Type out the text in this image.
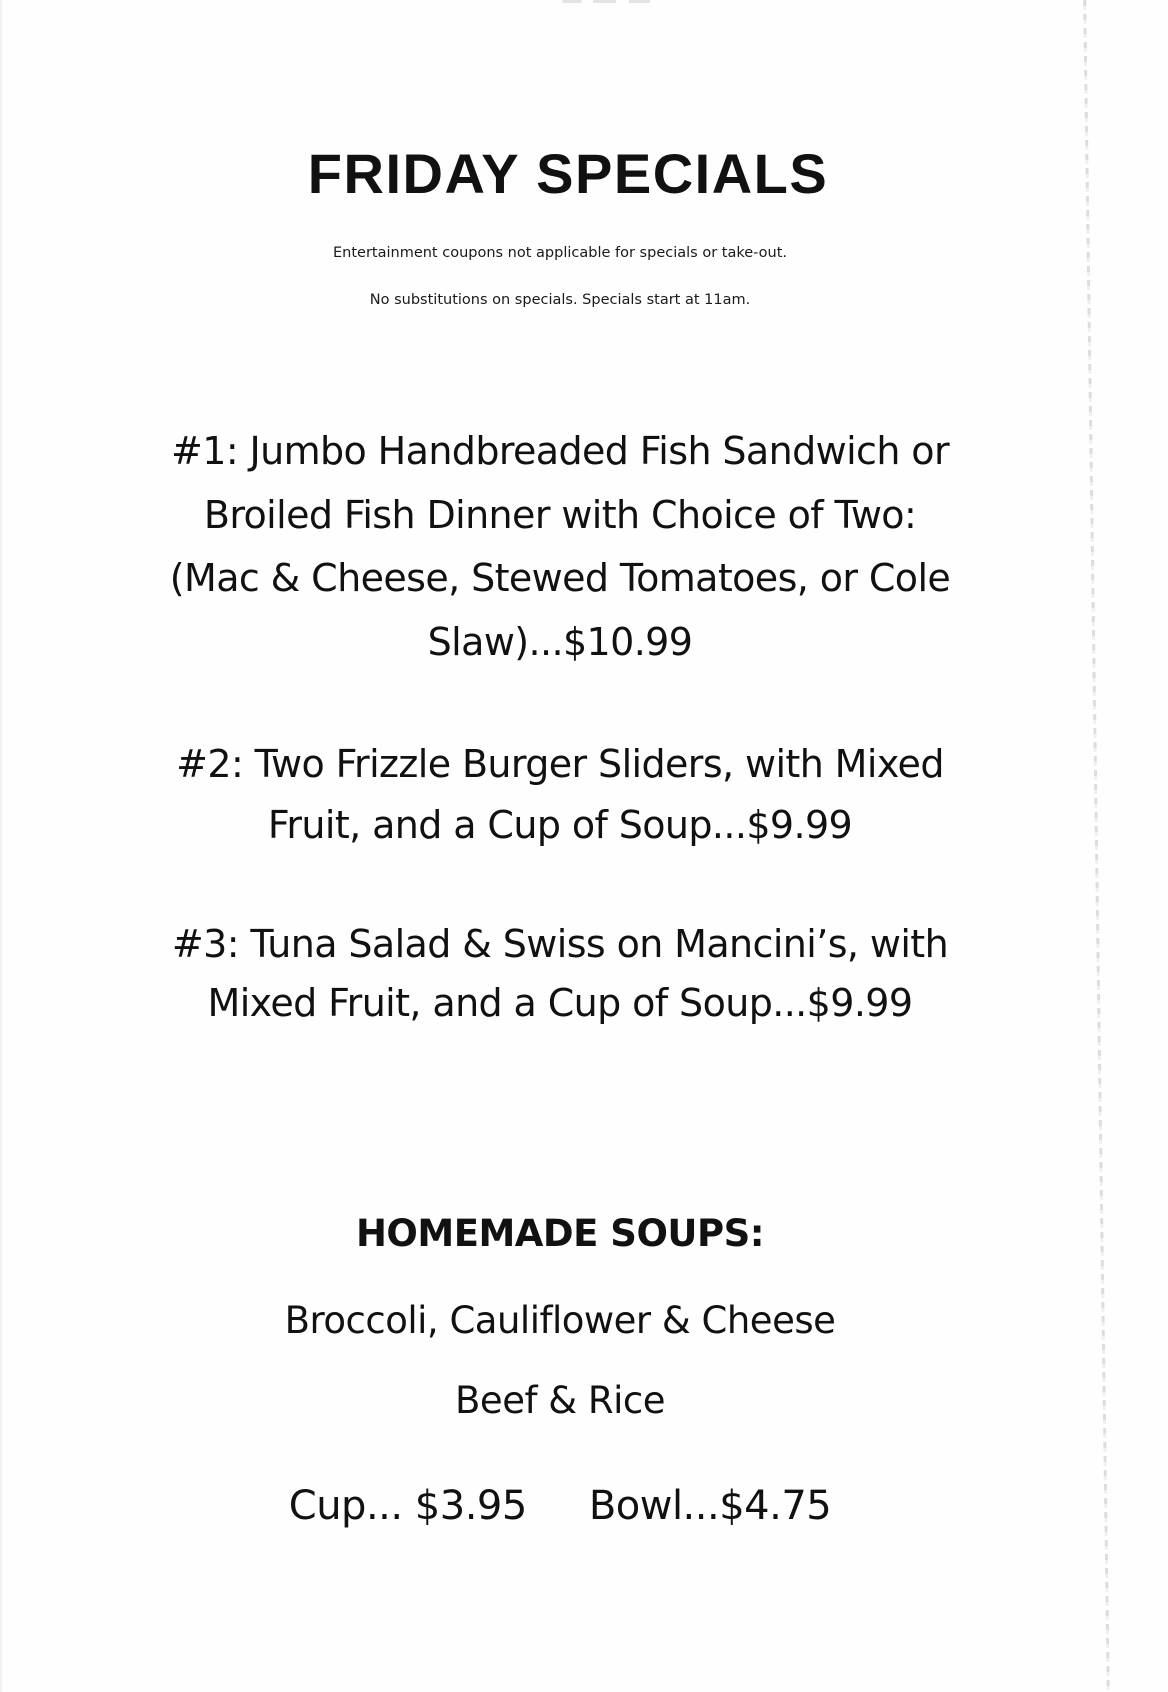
FRIDAY SPECIALS
Entertainment coupons not applicable for specials or take-out.
No substitutions on specials. Specials start at 11am.
#1: Jumbo Handbreaded Fish Sandwich or
Broiled Fish Dinner with Choice of Two:
(Mac & Cheese, Stewed Tomatoes, or Cole
Slaw)...$10.99
#2: Two Frizzle Burger Sliders, with Mixed
Fruit, and a Cup of Soup...$9.99
#3: Tuna Salad & Swiss on Mancini’s, with
Mixed Fruit, and a Cup of Soup...$9.99
HOMEMADE SOUPS:
Broccoli, Cauliflower & Cheese
Beef & Rice
Cup... $3.95 Bowl...$4.75
